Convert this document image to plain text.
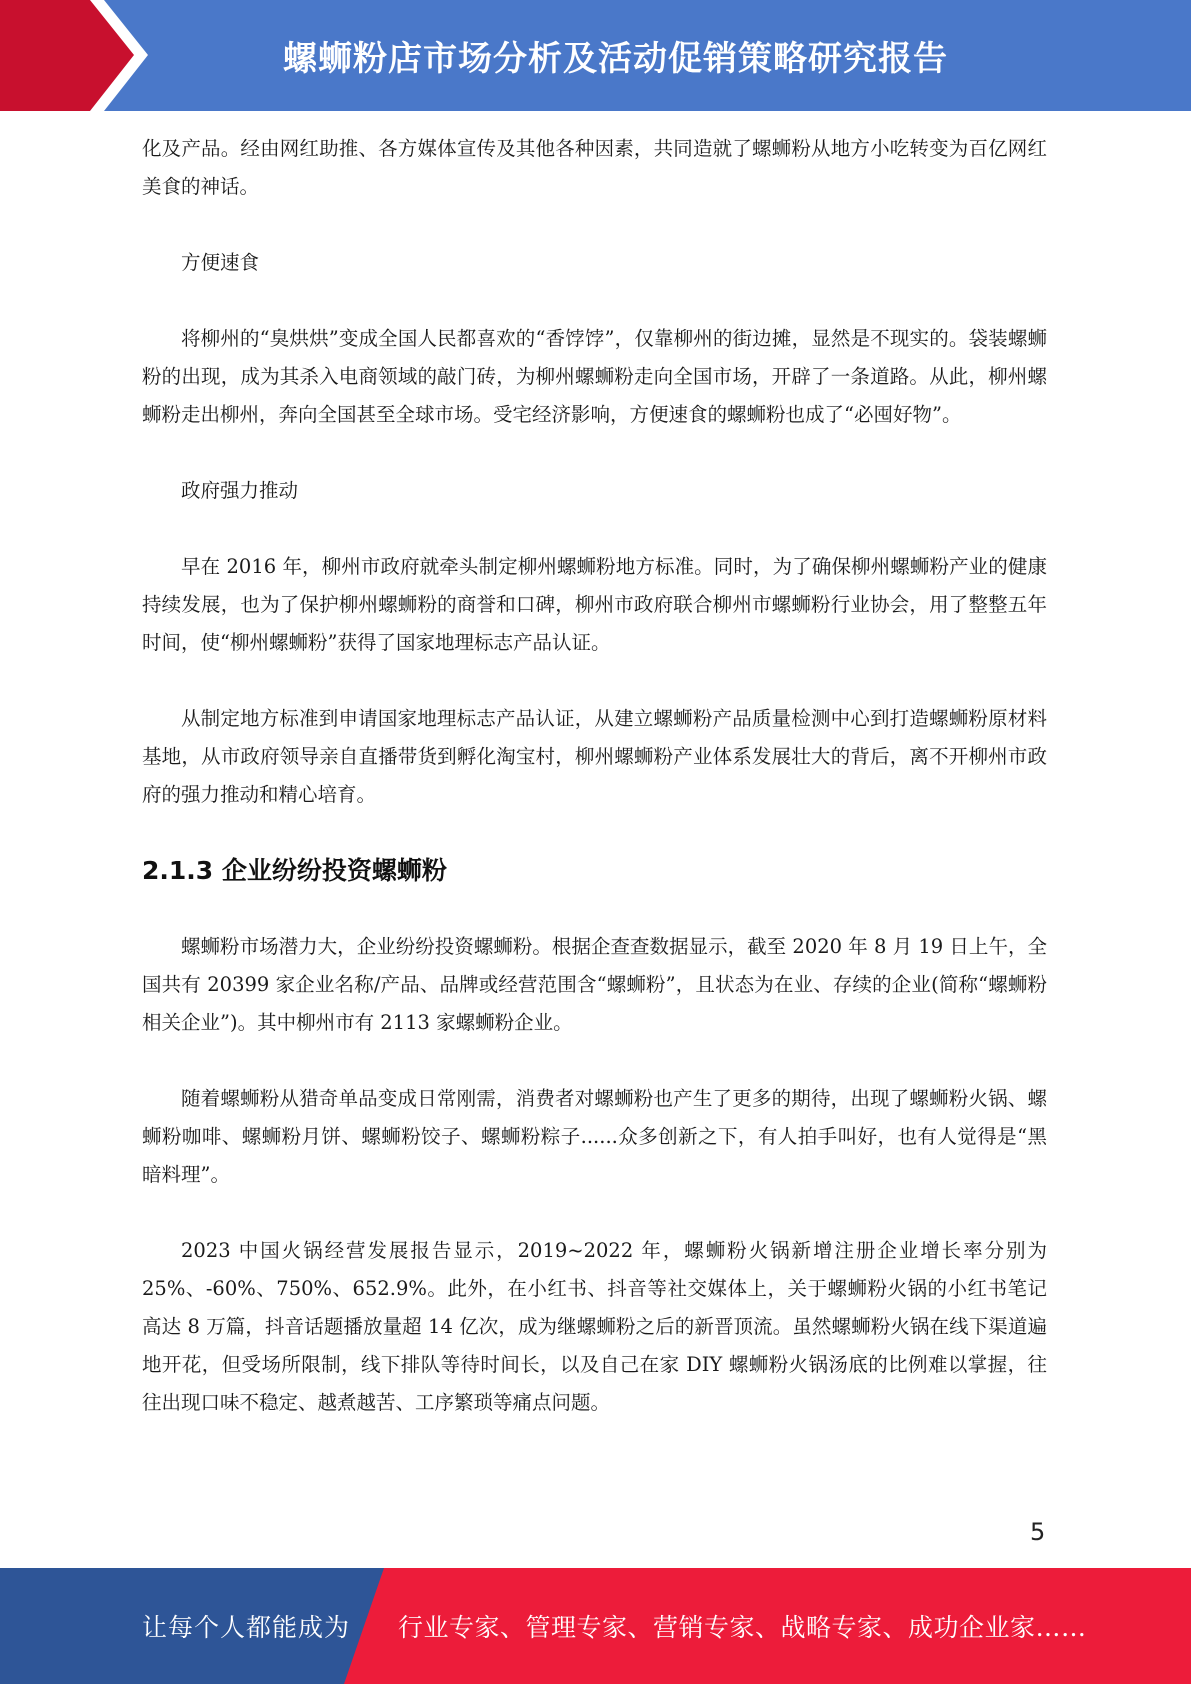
螺蛳粉店市场分析及活动促销策略研究报告

化及产品。经由网红助推、各方媒体宣传及其他各种因素，共同造就了螺蛳粉从地方小吃转变为百亿网红美食的神话。

方便速食

将柳州的“臭烘烘”变成全国人民都喜欢的“香饽饽”，仅靠柳州的街边摊，显然是不现实的。袋装螺蛳粉的出现，成为其杀入电商领域的敲门砖，为柳州螺蛳粉走向全国市场，开辟了一条道路。从此，柳州螺蛳粉走出柳州，奔向全国甚至全球市场。受宅经济影响，方便速食的螺蛳粉也成了“必囤好物”。

政府强力推动

早在 2016 年，柳州市政府就牵头制定柳州螺蛳粉地方标准。同时，为了确保柳州螺蛳粉产业的健康持续发展，也为了保护柳州螺蛳粉的商誉和口碑，柳州市政府联合柳州市螺蛳粉行业协会，用了整整五年时间，使“柳州螺蛳粉”获得了国家地理标志产品认证。

从制定地方标准到申请国家地理标志产品认证，从建立螺蛳粉产品质量检测中心到打造螺蛳粉原材料基地，从市政府领导亲自直播带货到孵化淘宝村，柳州螺蛳粉产业体系发展壮大的背后，离不开柳州市政府的强力推动和精心培育。

2.1.3 企业纷纷投资螺蛳粉

螺蛳粉市场潜力大，企业纷纷投资螺蛳粉。根据企查查数据显示，截至 2020 年 8 月 19 日上午，全国共有 20399 家企业名称/产品、品牌或经营范围含“螺蛳粉”，且状态为在业、存续的企业(简称“螺蛳粉相关企业”)。其中柳州市有 2113 家螺蛳粉企业。

随着螺蛳粉从猎奇单品变成日常刚需，消费者对螺蛳粉也产生了更多的期待，出现了螺蛳粉火锅、螺蛳粉咖啡、螺蛳粉月饼、螺蛳粉饺子、螺蛳粉粽子......众多创新之下，有人拍手叫好，也有人觉得是“黑暗料理”。

2023 中国火锅经营发展报告显示，2019~2022 年，螺蛳粉火锅新增注册企业增长率分别为 25%、-60%、750%、652.9%。此外，在小红书、抖音等社交媒体上，关于螺蛳粉火锅的小红书笔记高达 8 万篇，抖音话题播放量超 14 亿次，成为继螺蛳粉之后的新晋顶流。虽然螺蛳粉火锅在线下渠道遍地开花，但受场所限制，线下排队等待时间长，以及自己在家 DIY 螺蛳粉火锅汤底的比例难以掌握，往往出现口味不稳定、越煮越苦、工序繁琐等痛点问题。

5
让每个人都能成为 行业专家、管理专家、营销专家、战略专家、成功企业家……
